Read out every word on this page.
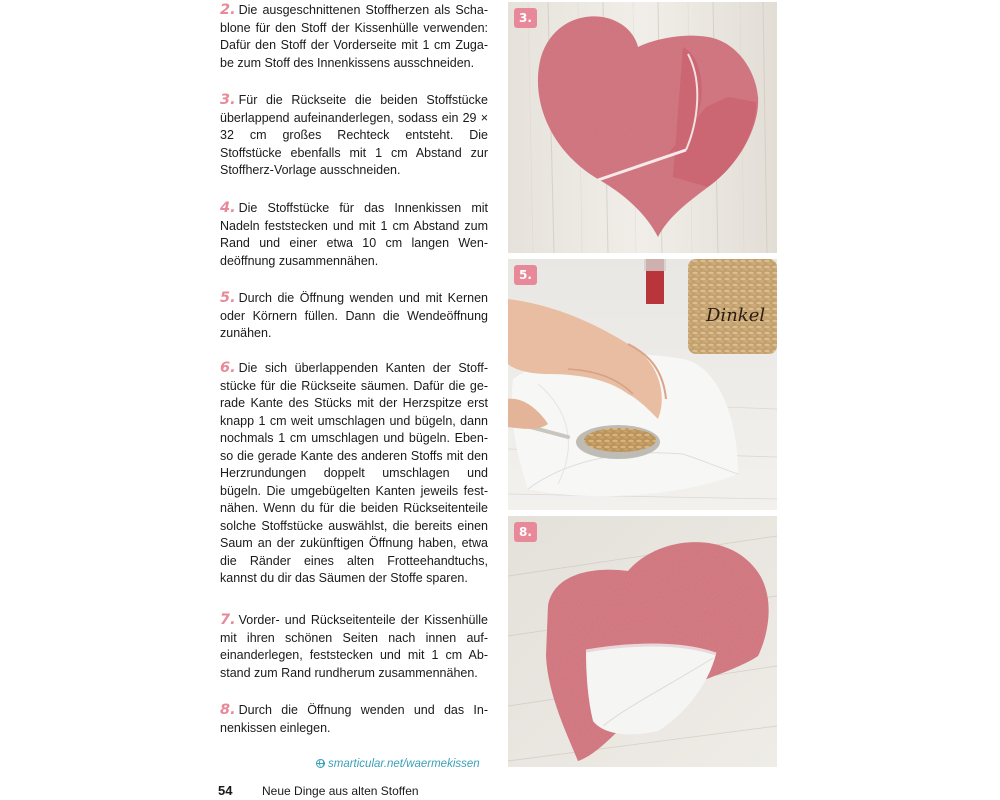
2. Die ausgeschnittenen Stoffherzen als Schablone für den Stoff der Kissenhülle verwenden: Dafür den Stoff der Vorderseite mit 1 cm Zugabe zum Stoff des Innenkissens ausschneiden.

3. Für die Rückseite die beiden Stoffstücke überlappend aufeinanderlegen, sodass ein 29 × 32 cm großes Rechteck entsteht. Die Stoffstücke ebenfalls mit 1 cm Abstand zur Stoffherz-Vorlage ausschneiden.

4. Die Stoffstücke für das Innenkissen mit Nadeln feststecken und mit 1 cm Abstand zum Rand und einer etwa 10 cm langen Wendeöffnung zusammennähen.

5. Durch die Öffnung wenden und mit Kernen oder Körnern füllen. Dann die Wendeöffnung zunähen.

6. Die sich überlappenden Kanten der Stoffstücke für die Rückseite säumen. Dafür die gerade Kante des Stücks mit der Herzspitze erst knapp 1 cm weit umschlagen und bügeln, dann nochmals 1 cm umschlagen und bügeln. Ebenso die gerade Kante des anderen Stoffs mit den Herzrundungen doppelt umschlagen und bügeln. Die umgebügelten Kanten jeweils festnähen. Wenn du für die beiden Rückseitenteile solche Stoffstücke auswählst, die bereits einen Saum an der zukünftigen Öffnung haben, etwa die Ränder eines alten Frotteehandtuchs, kannst du dir das Säumen der Stoffe sparen.

7. Vorder- und Rückseitenteile der Kissenhülle mit ihren schönen Seiten nach innen aufeinanderlegen, feststecken und mit 1 cm Abstand zum Rand rundherum zusammennähen.

8. Durch die Öffnung wenden und das Innenkissen einlegen.

smarticular.net/waermekissen
54 Neue Dinge aus alten Stoffen
3.
Dinkel
5.
8.
